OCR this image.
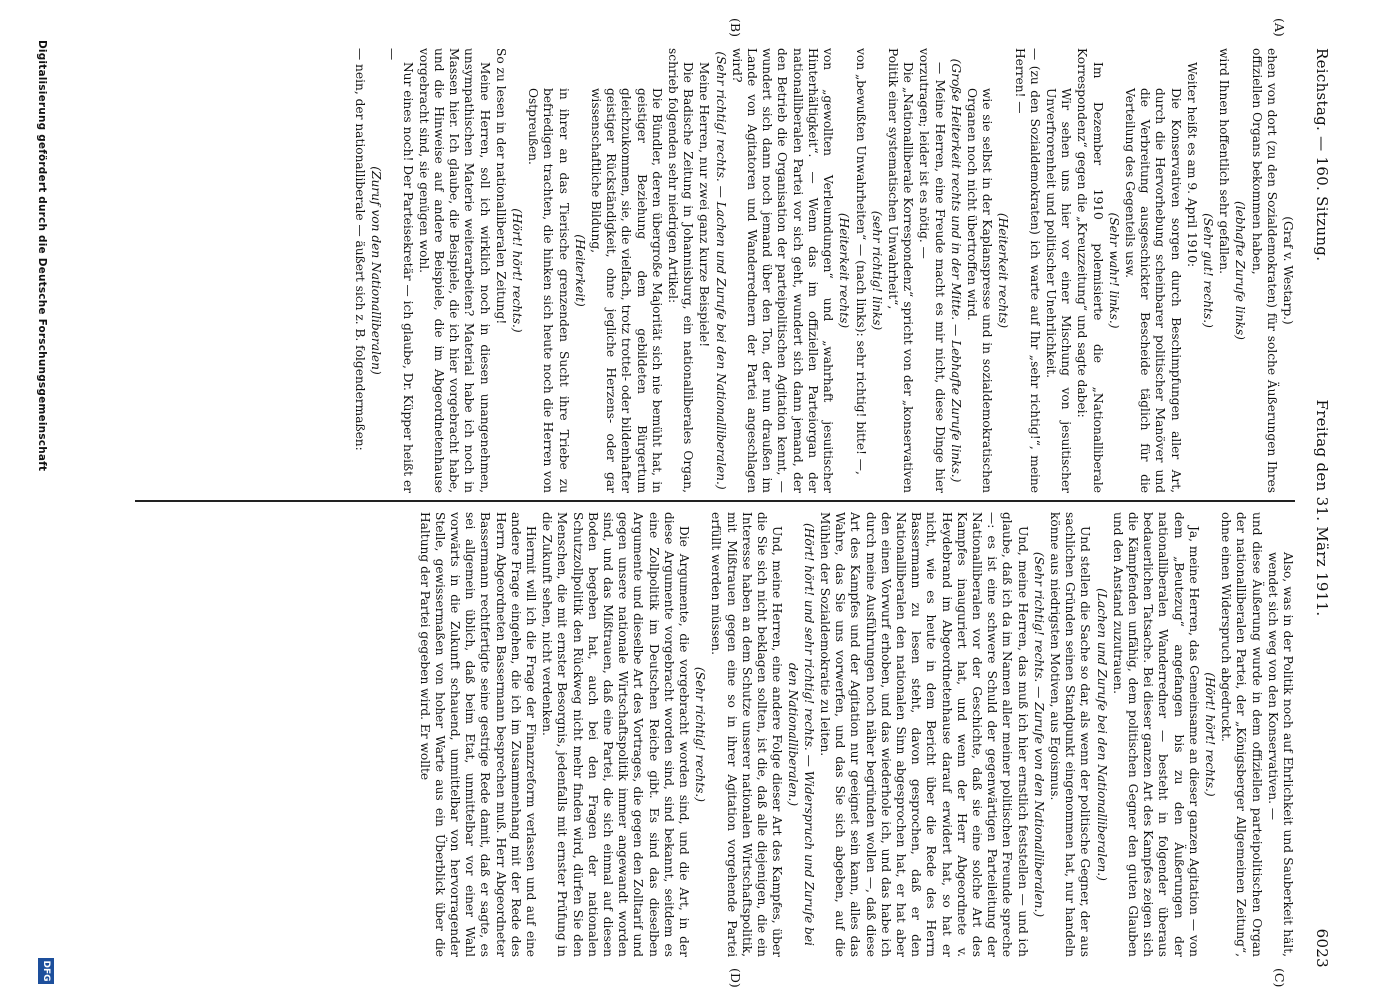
Reichstag. — 160. Sitzung.
Freitag den 31. März 1911.
6023
(A)
(B)
(C)
(D)

(Graf v. Westarp.)

ehen von dort (zu den Sozialdemokraten) für solche Äußerungen Ihres offiziellen Organs bekommen haben,

(lebhafte Zurufe links)

wird Ihnen hoffentlich sehr gefallen.

(Sehr gut! rechts.)

Weiter heißt es am 9. April 1910:

Die Konservativen sorgen durch Beschimpfungen aller Art, durch die Hervorhebung scheinbarer politischer Manöver und die Verbreitung ausgeschickter Bescheide täglich für die Verteilung des Gegenteils usw.

(Sehr wahr! links.)

Im Dezember 1910 polemisierte die „Nationalliberale Korrespondenz“ gegen die „Kreuzzeitung“ und sagte dabei:

Wir sehen uns hier vor einer Mischung von jesuitischer Unverfrorenheit und politischer Unehrlichkeit.

— (zu den Sozialdemokraten) ich warte auf Ihr „sehr richtig!“, meine Herren! —

(Heiterkeit rechts)

wie sie selbst in der Kaplanspresse und in sozialdemokratischen Organen noch nicht übertroffen wird.

(Große Heiterkeit rechts und in der Mitte. — Lebhafte Zurufe links.)

— Meine Herren, eine Freude macht es mir nicht, diese Dinge hier vorzutragen; leider ist es nötig. —

Die „Nationalliberale Korrespondenz“ spricht von der „konservativen Politik einer systematischen Unwahrheit“,

(sehr richtig! links)

von „bewußten Unwahrheiten“ — (nach links): sehr richtig! bitte! —,

(Heiterkeit rechts)

von „gewollten Verleumdungen“ und „wahrhaft jesuitischer Hinterhältigkeit“. — Wenn das im offiziellen Parteiorgan der nationalliberalen Partei vor sich geht, wundert sich dann jemand, der den Betrieb die Organisation der parteipolitischen Agitation kennt, — wundert sich dann noch jemand über den Ton, der nun draußen im Lande von Agitatoren und Wanderrednern der Partei angeschlagen wird?

(Sehr richtig! rechts. — Lachen und Zurufe bei den Nationalliberalen.)

Meine Herren, nur zwei ganz kurze Beispiele!

Die Badische Zeitung in Johannisburg, ein nationalliberales Organ, schrieb folgenden sehr niedrigen Artikel:

Die Bündler, deren übergroße Majorität sich nie bemüht hat, in geistiger Beziehung dem gebildeten Bürgertum gleichzukommen, sie, die vielfach, trotz trottel- oder bildenhafter geistiger Rückständigkeit, ohne jegliche Herzens- oder gar wissenschaftliche Bildung,

(Heiterkeit)

in ihrer an das Tierische grenzenden Sucht ihre Triebe zu befriedigen trachten, die hinken sich heute noch die Herren von Ostpreußen.

(Hört! hört! rechts.)

So zu lesen in der nationalliberalen Zeitung!

Meine Herren, soll ich wirklich noch in diesen unangenehmen, unsympathischen Materie weiterarbeiten? Material habe ich noch in Massen hier. Ich glaube, die Beispiele, die ich hier vorgebracht habe, und die Hinweise auf andere Beispiele, die im Abgeordnetenhause vorgebracht sind, sie genügen wohl.

Nur eines noch! Der Parteisekretär — ich glaube, Dr. Küpper heißt er —

(Zuruf von den Nationalliberalen)

— nein, der nationalliberale — äußert sich z. B. folgendermaßen:

Also, was in der Politik noch auf Ehrlichkeit und Sauberkeit hält, wendet sich weg von den Konservativen. —

und diese Äußerung wurde in dem offiziellen parteipolitischen Organ der nationalliberalen Partei, der „Königsberger Allgemeinen Zeitung“, ohne einen Widerspruch abgedruckt.

(Hört! hört! rechts.)

Ja, meine Herren, das Gemeinsame an dieser ganzen Agitation — von dem „Beutezug“ angefangen bis zu den Äußerungen der nationalliberalen Wanderredner — besteht in folgender überaus bedauerlichen Tatsache. Bei dieser ganzen Art des Kampfes zeigen sich die Kämpfenden unfähig, dem politischen Gegner den guten Glauben und den Anstand zuzutrauen.

(Lachen und Zurufe bei den Nationalliberalen.)

Und stellen die Sache so dar, als wenn der politische Gegner, der aus sachlichen Gründen seinen Standpunkt eingenommen hat, nur handeln könne aus niedrigsten Motiven, aus Egoismus.

(Sehr richtig! rechts. — Zurufe von den Nationalliberalen.)

Und, meine Herren, das muß ich hier ernstlich feststellen — und ich glaube, daß ich da im Namen aller meiner politischen Freunde spreche —: es ist eine schwere Schuld der gegenwärtigen Parteileitung der Nationalliberalen vor der Geschichte, daß sie eine solche Art des Kampfes inauguriert hat, und wenn der Herr Abgeordnete v. Heydebrand im Abgeordnetenhause darauf erwidert hat, so hat er nicht, wie es heute in dem Bericht über die Rede des Herrn Bassermann zu lesen steht, davon gesprochen, daß er den Nationalliberalen den nationalen Sinn abgesprochen hat, er hat aber den einen Vorwurf erhoben, und das wiederhole ich, und das habe ich durch meine Ausführungen noch näher begründen wollen —, daß diese Art des Kampfes und der Agitation nur geeignet sein kann, alles das Wahre, das Sie uns vorwerfen, und das Sie sich abgeben, auf die Mühlen der Sozialdemokratie zu leiten.

(Hört! hört! und sehr richtig! rechts. — Widerspruch und Zurufe bei den Nationalliberalen.)

Und, meine Herren, eine andere Folge dieser Art des Kampfes, über die Sie sich nicht beklagen sollten, ist die, daß alle diejenigen, die ein Interesse haben an dem Schutze unserer nationalen Wirtschaftspolitik, mit Mißtrauen gegen eine so in ihrer Agitation vorgehende Partei erfüllt werden müssen.

(Sehr richtig! rechts.)

Die Argumente, die vorgebracht worden sind, und die Art, in der diese Argumente vorgebracht worden sind, sind bekannt, seitdem es eine Zollpolitik im Deutschen Reiche gibt. Es sind das dieselben Argumente und dieselbe Art des Vortrages, die gegen den Zolltarif und gegen unsere nationale Wirtschaftspolitik immer angewandt worden sind, und das Mißtrauen, daß eine Partei, die sich einmal auf diesen Boden begeben hat, auch bei den Fragen der nationalen Schutzzollpolitik den Rückweg nicht mehr finden wird, dürfen Sie den Menschen, die mit ernster Besorgnis, jedenfalls mit ernster Prüfung in die Zukunft sehen, nicht verdenken.

Hiermit will ich die Frage der Finanzreform verlassen und auf eine andere Frage eingehen, die ich im Zusammenhang mit der Rede des Herrn Abgeordneten Bassermann besprechen muß. Herr Abgeordneter Bassermann rechtfertigte seine gestrige Rede damit, daß er sagte, es sei allgemein üblich, daß beim Etat, unmittelbar vor einer Wahl vorwärts in die Zukunft schauend, unmittelbar von hervorragender Stelle, gewissermaßen von hoher Warte aus ein Überblick über die Haltung der Partei gegeben wird. Er wollte

Digitalisierung gefördert durch die Deutsche Forschungsgemeinschaft
DFG
